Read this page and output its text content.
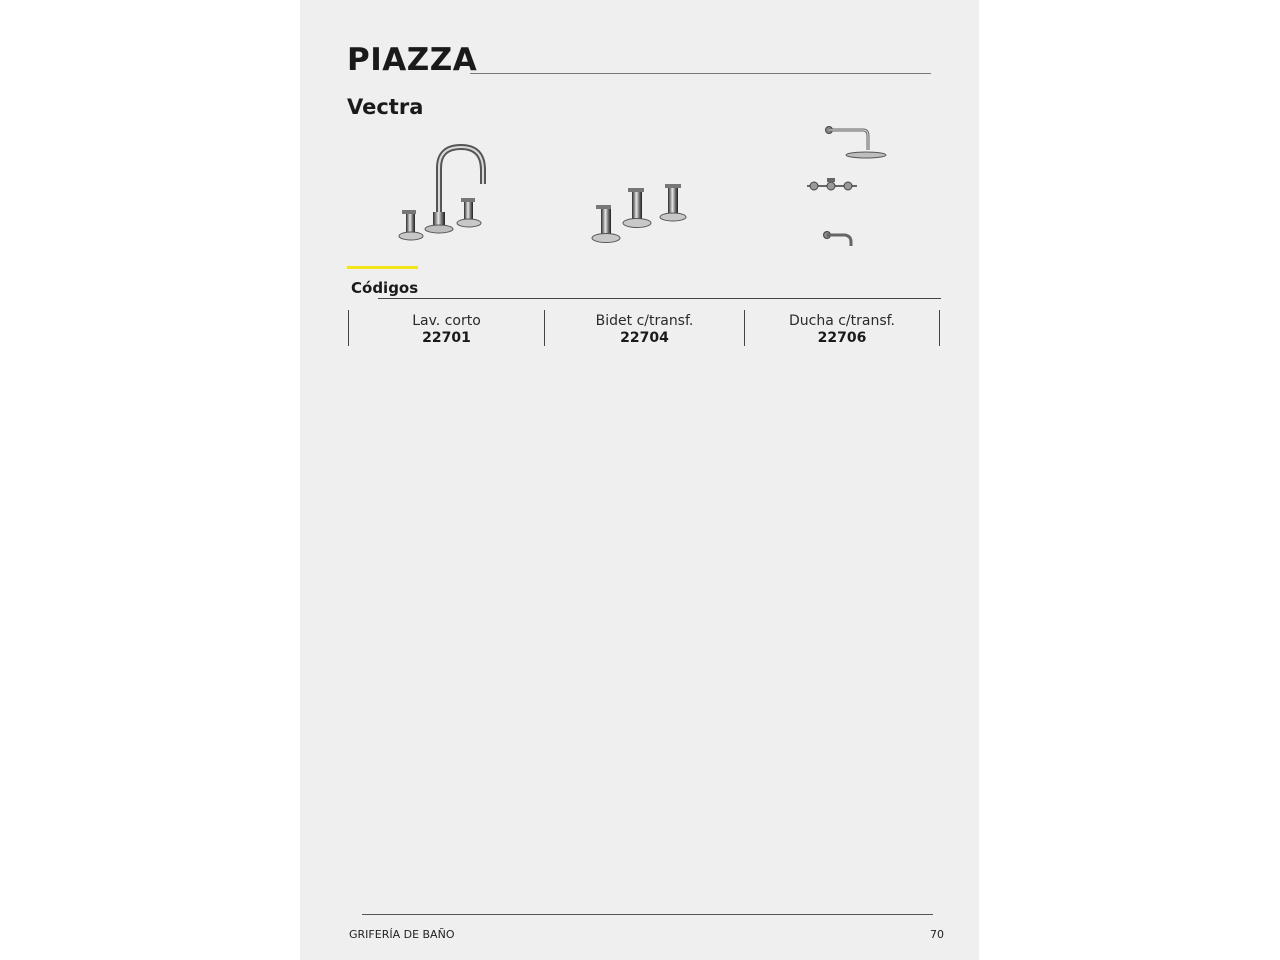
PIAZZA
Vectra
Códigos
Lav. corto
22701
Bidet c/transf.
22704
Ducha c/transf.
22706
GRIFERÍA DE BAÑO	70
